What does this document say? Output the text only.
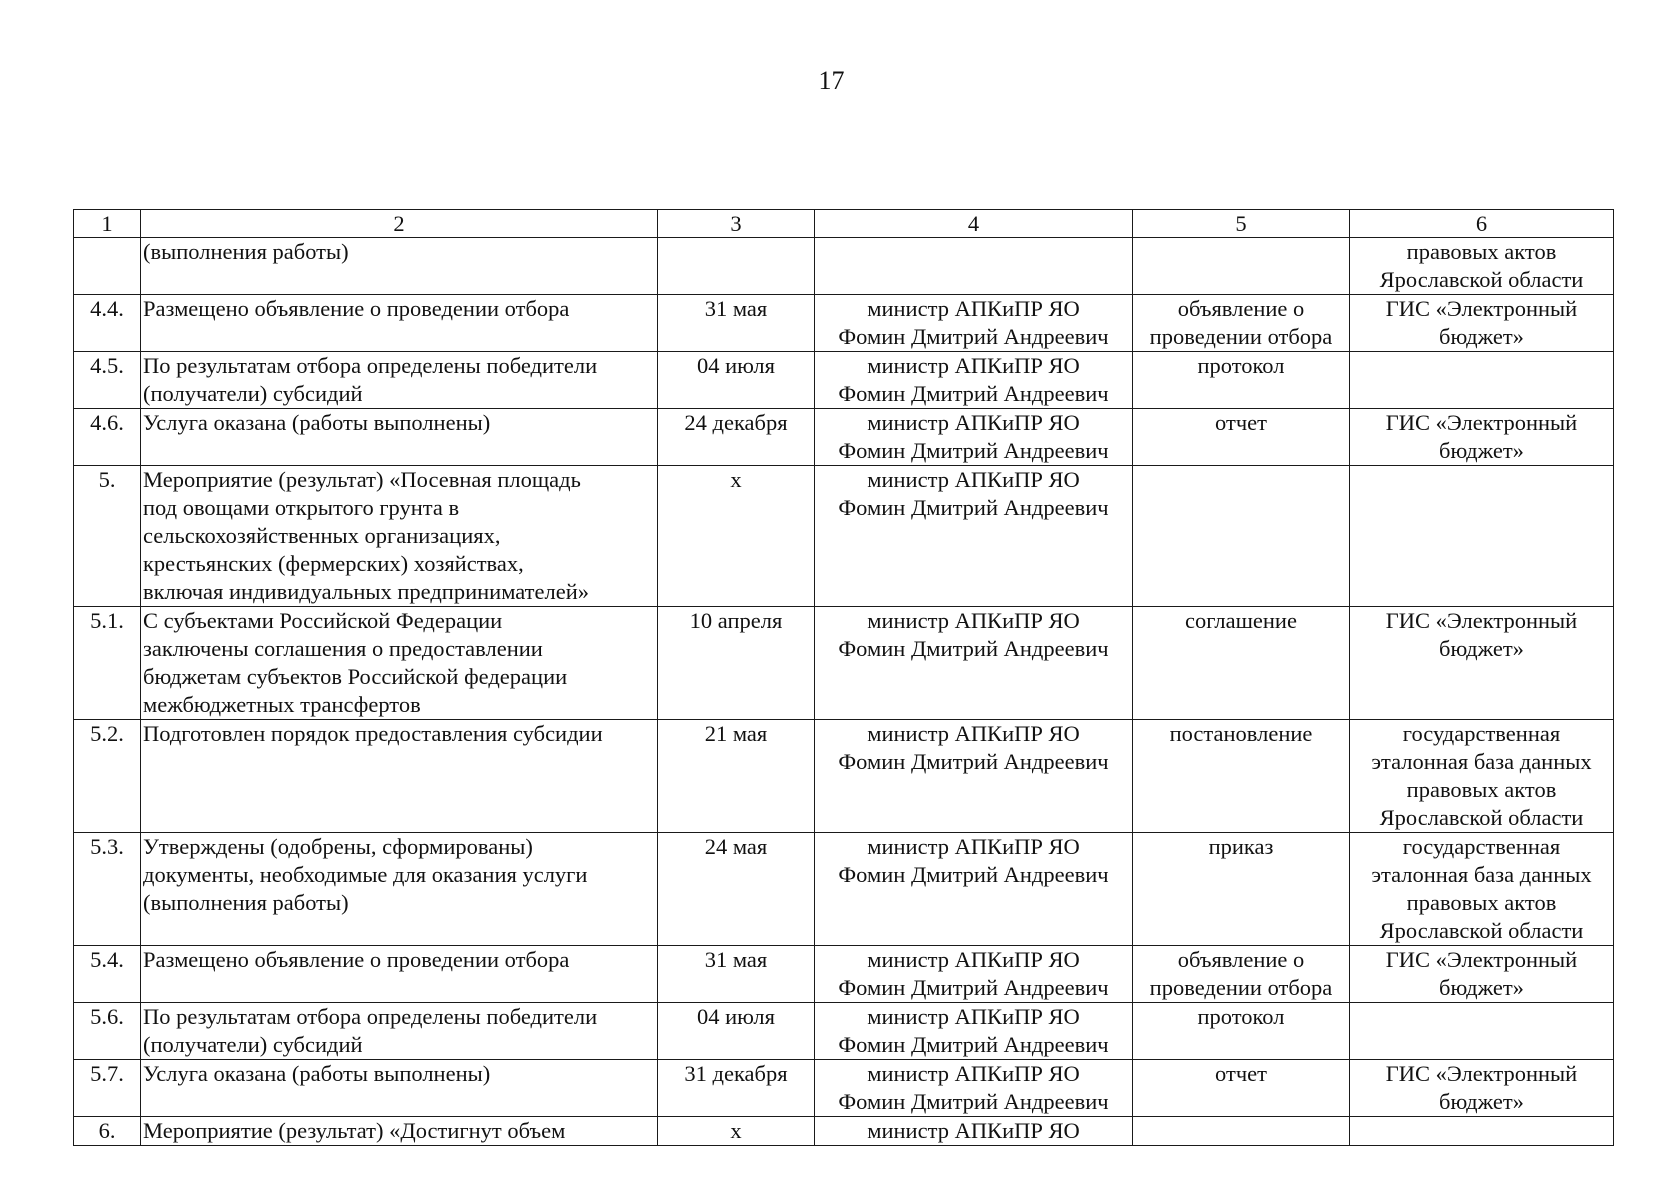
17
1	2	3	4	5	6

	(выполнения работы)				правовых актов
Ярославской области

4.4.	Размещено объявление о проведении отбора	31 мая	министр АПКиПР ЯО
Фомин Дмитрий Андреевич	объявление о
проведении отбора	ГИС «Электронный
бюджет»

4.5.	По результатам отбора определены победители
(получатели) субсидий	04 июля	министр АПКиПР ЯО
Фомин Дмитрий Андреевич	протокол	

4.6.	Услуга оказана (работы выполнены)	24 декабря	министр АПКиПР ЯО
Фомин Дмитрий Андреевич	отчет	ГИС «Электронный
бюджет»

5.	Мероприятие (результат) «Посевная площадь
под овощами открытого грунта в
сельскохозяйственных организациях,
крестьянских (фермерских) хозяйствах,
включая индивидуальных предпринимателей»	х	министр АПКиПР ЯО
Фомин Дмитрий Андреевич		

5.1.	С субъектами Российской Федерации
заключены соглашения о предоставлении
бюджетам субъектов Российской федерации
межбюджетных трансфертов	10 апреля	министр АПКиПР ЯО
Фомин Дмитрий Андреевич	соглашение	ГИС «Электронный
бюджет»

5.2.	Подготовлен порядок предоставления субсидии	21 мая	министр АПКиПР ЯО
Фомин Дмитрий Андреевич	постановление	государственная
эталонная база данных
правовых актов
Ярославской области

5.3.	Утверждены (одобрены, сформированы)
документы, необходимые для оказания услуги
(выполнения работы)	24 мая	министр АПКиПР ЯО
Фомин Дмитрий Андреевич	приказ	государственная
эталонная база данных
правовых актов
Ярославской области

5.4.	Размещено объявление о проведении отбора	31 мая	министр АПКиПР ЯО
Фомин Дмитрий Андреевич	объявление о
проведении отбора	ГИС «Электронный
бюджет»

5.6.	По результатам отбора определены победители
(получатели) субсидий	04 июля	министр АПКиПР ЯО
Фомин Дмитрий Андреевич	протокол	

5.7.	Услуга оказана (работы выполнены)	31 декабря	министр АПКиПР ЯО
Фомин Дмитрий Андреевич	отчет	ГИС «Электронный
бюджет»

6.	Мероприятие (результат) «Достигнут объем	х	министр АПКиПР ЯО		
